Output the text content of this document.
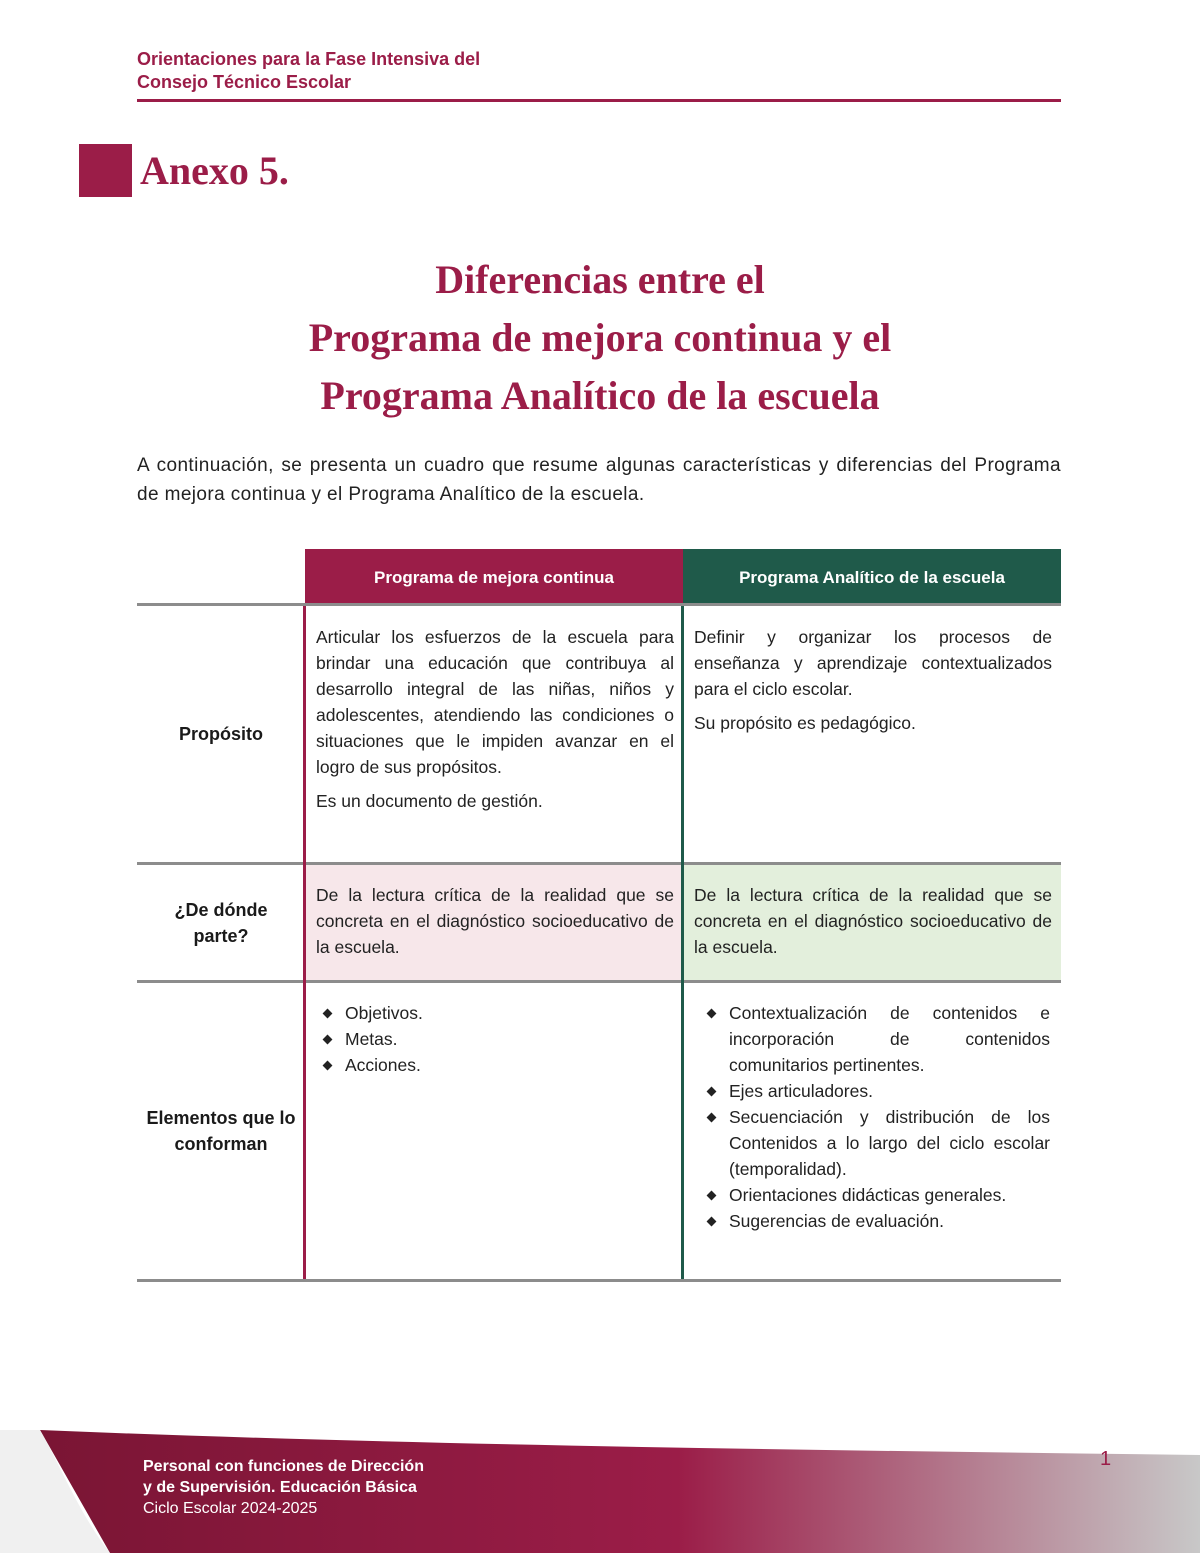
Orientaciones para la Fase Intensiva del
Consejo Técnico Escolar
Anexo 5.
Diferencias entre el
Programa de mejora continua y el
Programa Analítico de la escuela
A continuación, se presenta un cuadro que resume algunas características y diferencias del Programa de mejora continua y el Programa Analítico de la escuela.
Programa de mejora continua	Programa Analítico de la escuela
Propósito

Articular los esfuerzos de la escuela para brindar una educación que contribuya al desarrollo integral de las niñas, niños y adolescentes, atendiendo las condiciones o situaciones que le impiden avanzar en el logro de sus propósitos.

Es un documento de gestión.

Definir y organizar los procesos de enseñanza y aprendizaje contextualizados para el ciclo escolar.

Su propósito es pedagógico.

¿De dónde parte?
De la lectura crítica de la realidad que se concreta en el diagnóstico socioeducativo de la escuela.
De la lectura crítica de la realidad que se concreta en el diagnóstico socioeducativo de la escuela.
Elementos que lo conforman
Objetivos.
Metas.
Acciones.
Contextualización de contenidos e incorporación de contenidos comunitarios pertinentes.
Ejes articuladores.
Secuenciación y distribución de los Contenidos a lo largo del ciclo escolar (temporalidad).
Orientaciones didácticas generales.
Sugerencias de evaluación.
Personal con funciones de Dirección
y de Supervisión. Educación Básica
Ciclo Escolar 2024-2025
1
